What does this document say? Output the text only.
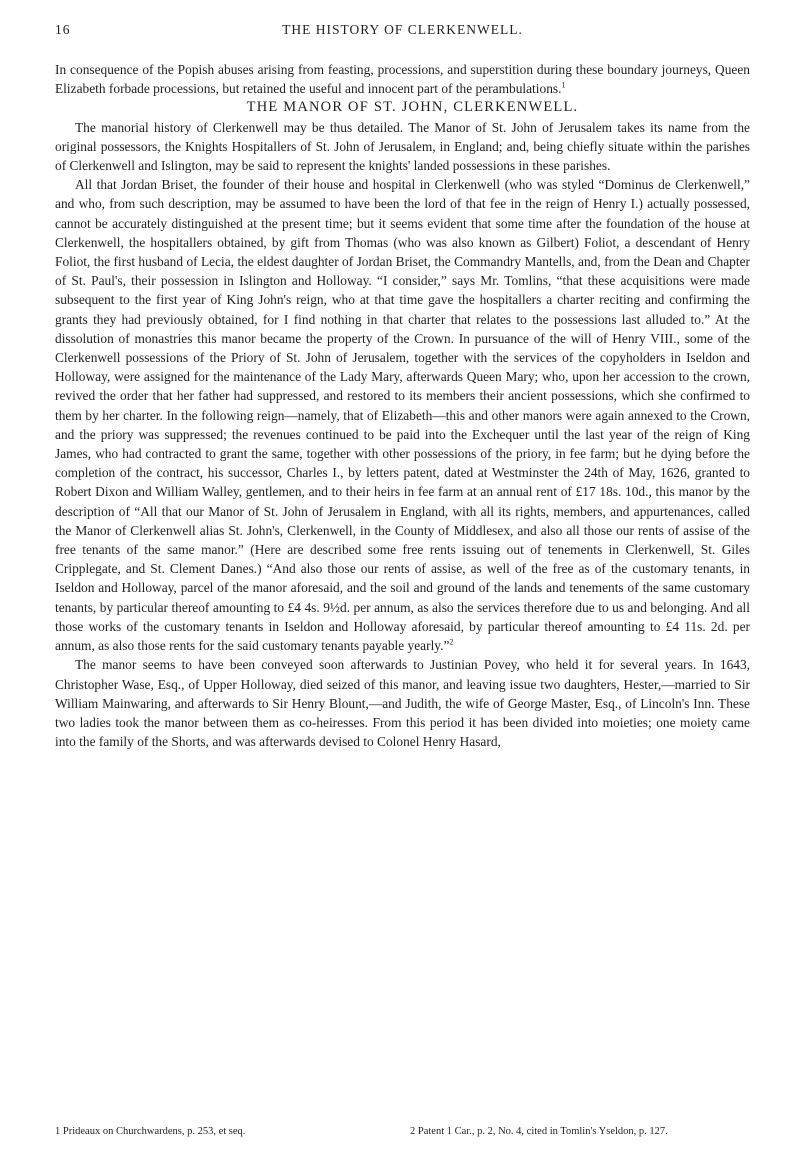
16	THE HISTORY OF CLERKENWELL.

In consequence of the Popish abuses arising from feasting, processions, and superstition during these boundary journeys, Queen Elizabeth forbade processions, but retained the useful and innocent part of the perambulations.$^1$

THE MANOR OF ST. JOHN, CLERKENWELL.

The manorial history of Clerkenwell may be thus detailed. The Manor of St. John of Jerusalem takes its name from the original possessors, the Knights Hospitallers of St. John of Jerusalem, in England; and, being chiefly situate within the parishes of Clerkenwell and Islington, may be said to represent the knights' landed possessions in these parishes.

All that Jordan Briset, the founder of their house and hospital in Clerkenwell (who was styled “Dominus de Clerkenwell,” and who, from such description, may be assumed to have been the lord of that fee in the reign of Henry I.) actually possessed, cannot be accurately distinguished at the present time; but it seems evident that some time after the foundation of the house at Clerkenwell, the hospitallers obtained, by gift from Thomas (who was also known as Gilbert) Foliot, a descendant of Henry Foliot, the first husband of Lecia, the eldest daughter of Jordan Briset, the Commandry Mantells, and, from the Dean and Chapter of St. Paul's, their possession in Islington and Holloway. “I consider,” says Mr. Tomlins, “that these acquisitions were made subsequent to the first year of King John's reign, who at that time gave the hospitallers a charter reciting and confirming the grants they had previously obtained, for I find nothing in that charter that relates to the possessions last alluded to.” At the dissolution of monastries this manor became the property of the Crown. In pursuance of the will of Henry VIII., some of the Clerkenwell possessions of the Priory of St. John of Jerusalem, together with the services of the copyholders in Iseldon and Holloway, were assigned for the maintenance of the Lady Mary, afterwards Queen Mary; who, upon her accession to the crown, revived the order that her father had suppressed, and restored to its members their ancient possessions, which she confirmed to them by her charter. In the following reign—namely, that of Elizabeth—this and other manors were again annexed to the Crown, and the priory was suppressed; the revenues continued to be paid into the Exchequer until the last year of the reign of King James, who had contracted to grant the same, together with other possessions of the priory, in fee farm; but he dying before the completion of the contract, his successor, Charles I., by letters patent, dated at Westminster the 24th of May, 1626, granted to Robert Dixon and William Walley, gentlemen, and to their heirs in fee farm at an annual rent of £17 18s. 10d., this manor by the description of “All that our Manor of St. John of Jerusalem in England, with all its rights, members, and appurtenances, called the Manor of Clerkenwell alias St. John's, Clerkenwell, in the County of Middlesex, and also all those our rents of assise of the free tenants of the same manor.” (Here are described some free rents issuing out of tenements in Clerkenwell, St. Giles Cripplegate, and St. Clement Danes.) “And also those our rents of assise, as well of the free as of the customary tenants, in Iseldon and Holloway, parcel of the manor aforesaid, and the soil and ground of the lands and tenements of the same customary tenants, by particular thereof amounting to £4 4s. 9½d. per annum, as also the services therefore due to us and belonging. And all those works of the customary tenants in Iseldon and Holloway aforesaid, by particular thereof amounting to £4 11s. 2d. per annum, as also those rents for the said customary tenants payable yearly.”$^2$

The manor seems to have been conveyed soon afterwards to Justinian Povey, who held it for several years. In 1643, Christopher Wase, Esq., of Upper Holloway, died seized of this manor, and leaving issue two daughters, Hester,—married to Sir William Mainwaring, and afterwards to Sir Henry Blount,—and Judith, the wife of George Master, Esq., of Lincoln's Inn. These two ladies took the manor between them as co-heiresses. From this period it has been divided into moieties; one moiety came into the family of the Shorts, and was afterwards devised to Colonel Henry Hasard,

1 Prideaux on Churchwardens, p. 253, et seq.	2 Patent 1 Car., p. 2, No. 4, cited in Tomlin's Yseldon, p. 127.
